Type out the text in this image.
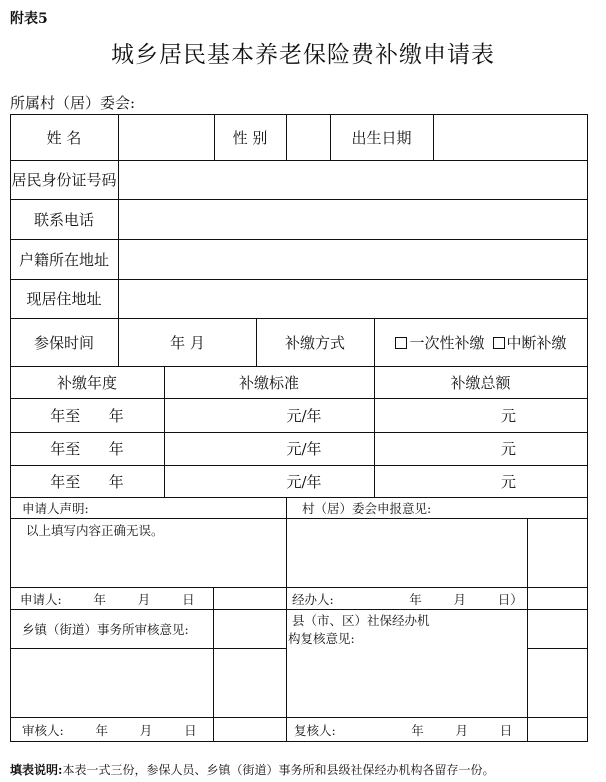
附表5
城乡居民基本养老保险费补缴申请表
所属村（居）委会:
姓 名	性 别	出生日期
居民身份证号码
联系电话
户籍所在地址
现居住地址
参保时间	年 月	补缴方式	一次性补缴	中断补缴
补缴年度	补缴标准	补缴总额
年至      年	元/年	元
年至      年	元/年	元
年至      年	元/年	元
申请人声明:	村（居）委会申报意见:
以上填写内容正确无误。
申请人:        年        月        日	经办人:                   年        月        日）
乡镇（街道）事务所审核意见:
县（市、区）社保经办机
构复核意见:
审核人:        年        月        日	复核人:                   年        月        日
填表说明:本表一式三份，参保人员、乡镇（街道）事务所和县级社保经办机构各留存一份。
